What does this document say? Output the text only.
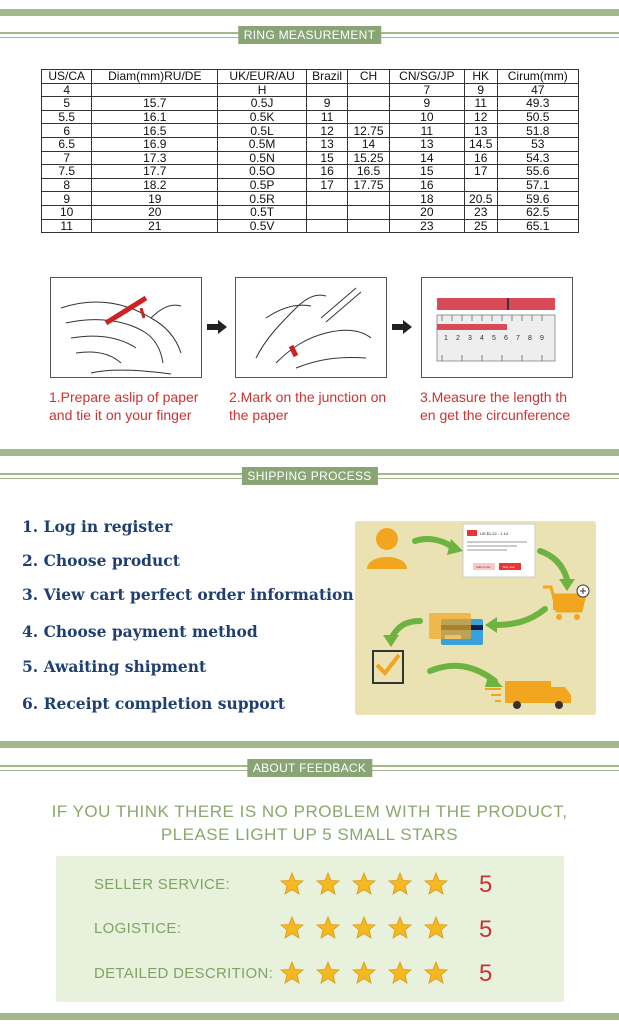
RING MEASUREMENT
US/CA	Diam(mm)RU/DE	UK/EUR/AU	Brazil	CH	CN/SG/JP	HK	Cirum(mm)
4		H			7	9	47
5	15.7	0.5J	9		9	11	49.3
5.5	16.1	0.5K	11		10	12	50.5
6	16.5	0.5L	12	12.75	11	13	51.8
6.5	16.9	0.5M	13	14	13	14.5	53
7	17.3	0.5N	15	15.25	14	16	54.3
7.5	17.7	0.5O	16	16.5	15	17	55.6
8	18.2	0.5P	17	17.75	16		57.1
9	19	0.5R			18	20.5	59.6
10	20	0.5T			20	23	62.5
11	21	0.5V			23	25	65.1
1 2 3 4 5 6 7 8 9
1.Prepare aslip of paper
and tie it on your finger
2.Mark on the junction on
the paper
3.Measure the length th
en get the circunference
SHIPPING PROCESS
1. Log in register
2. Choose product
3. View cart perfect order information
4. Choose payment method
5. Awaiting shipment
6. Receipt completion support
US $1.22 - 1.14
Add to cart	Buy now
ABOUT FEEDBACK
IF YOU THINK THERE IS NO PROBLEM WITH THE PRODUCT,
PLEASE LIGHT UP 5 SMALL STARS
SELLER SERVICE:	5
LOGISTICE:	5
DETAILED DESCRITION:	5
